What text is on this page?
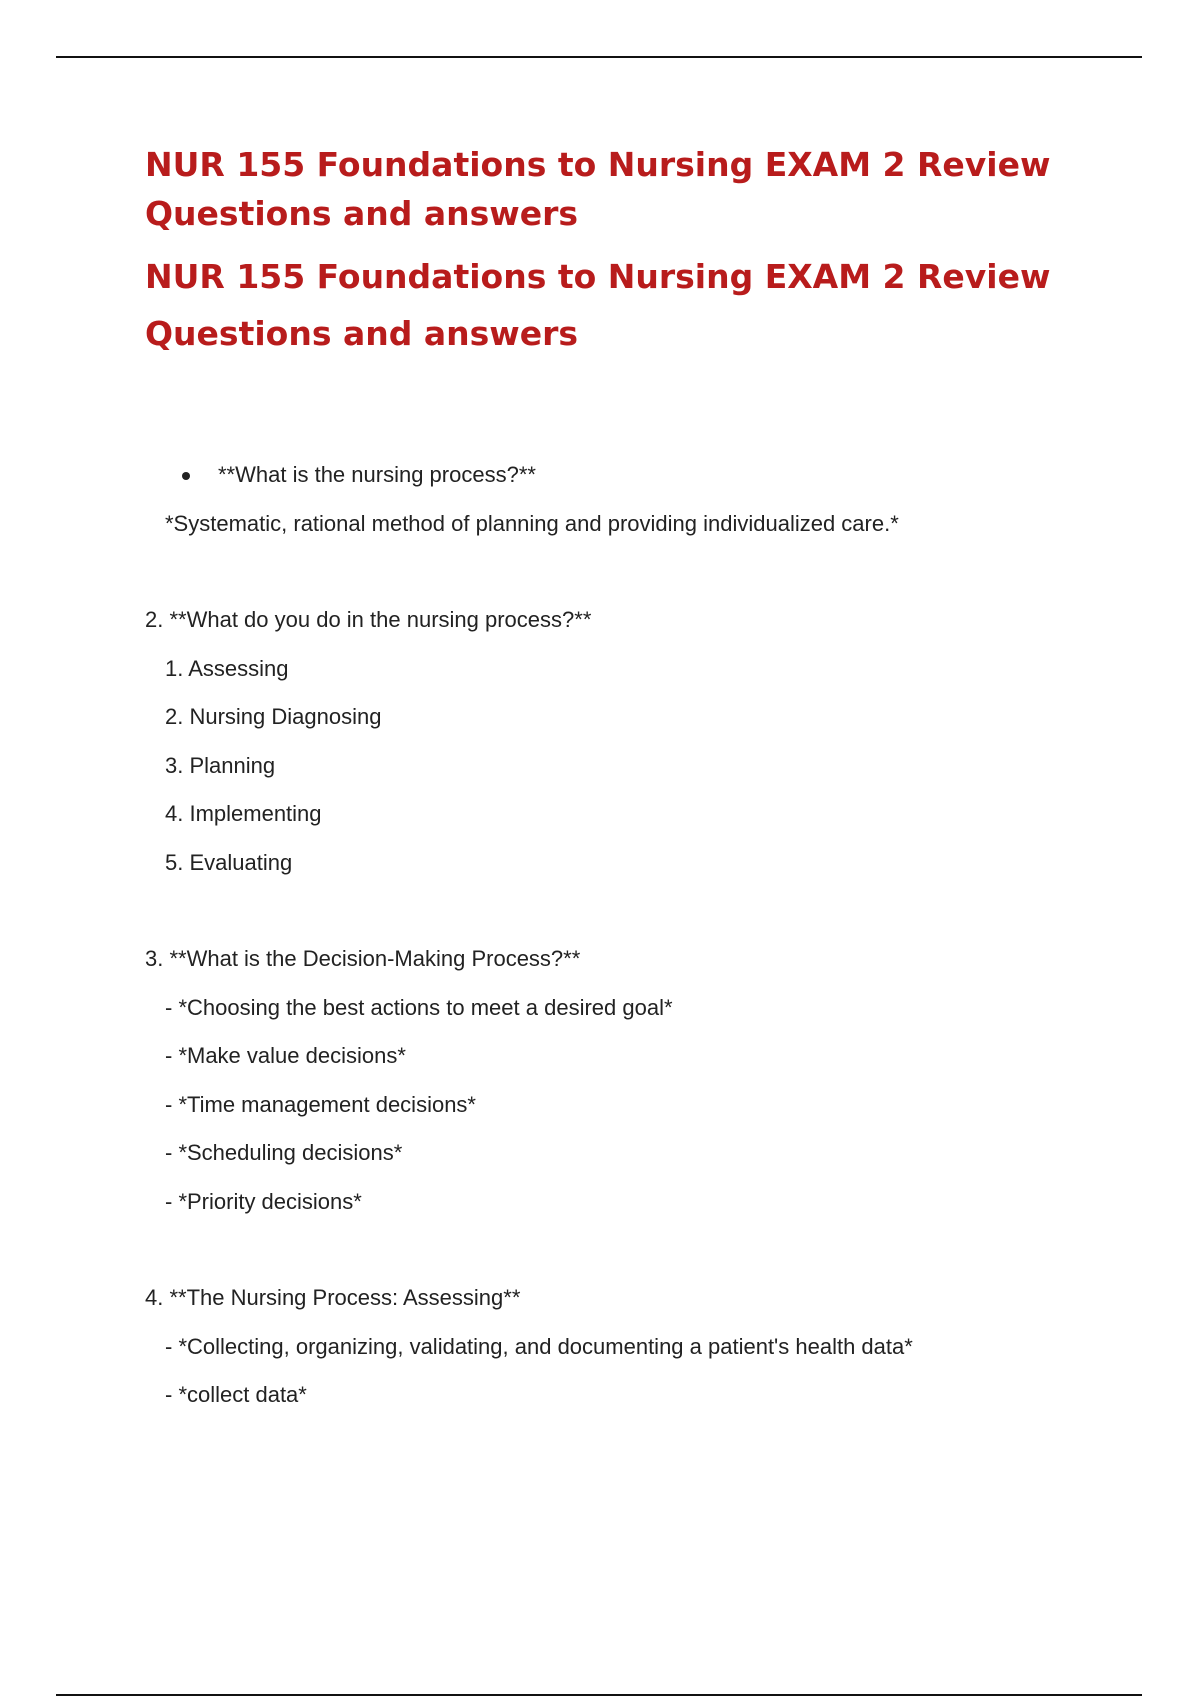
NUR 155 Foundations to Nursing EXAM 2 Review
Questions and answers
NUR 155 Foundations to Nursing EXAM 2 Review
Questions and answers
**What is the nursing process?**
*Systematic, rational method of planning and providing individualized care.*
2. **What do you do in the nursing process?**
1. Assessing
2. Nursing Diagnosing
3. Planning
4. Implementing
5. Evaluating
3. **What is the Decision-Making Process?**
- *Choosing the best actions to meet a desired goal*
- *Make value decisions*
- *Time management decisions*
- *Scheduling decisions*
- *Priority decisions*
4. **The Nursing Process: Assessing**
- *Collecting, organizing, validating, and documenting a patient's health data*
- *collect data*
